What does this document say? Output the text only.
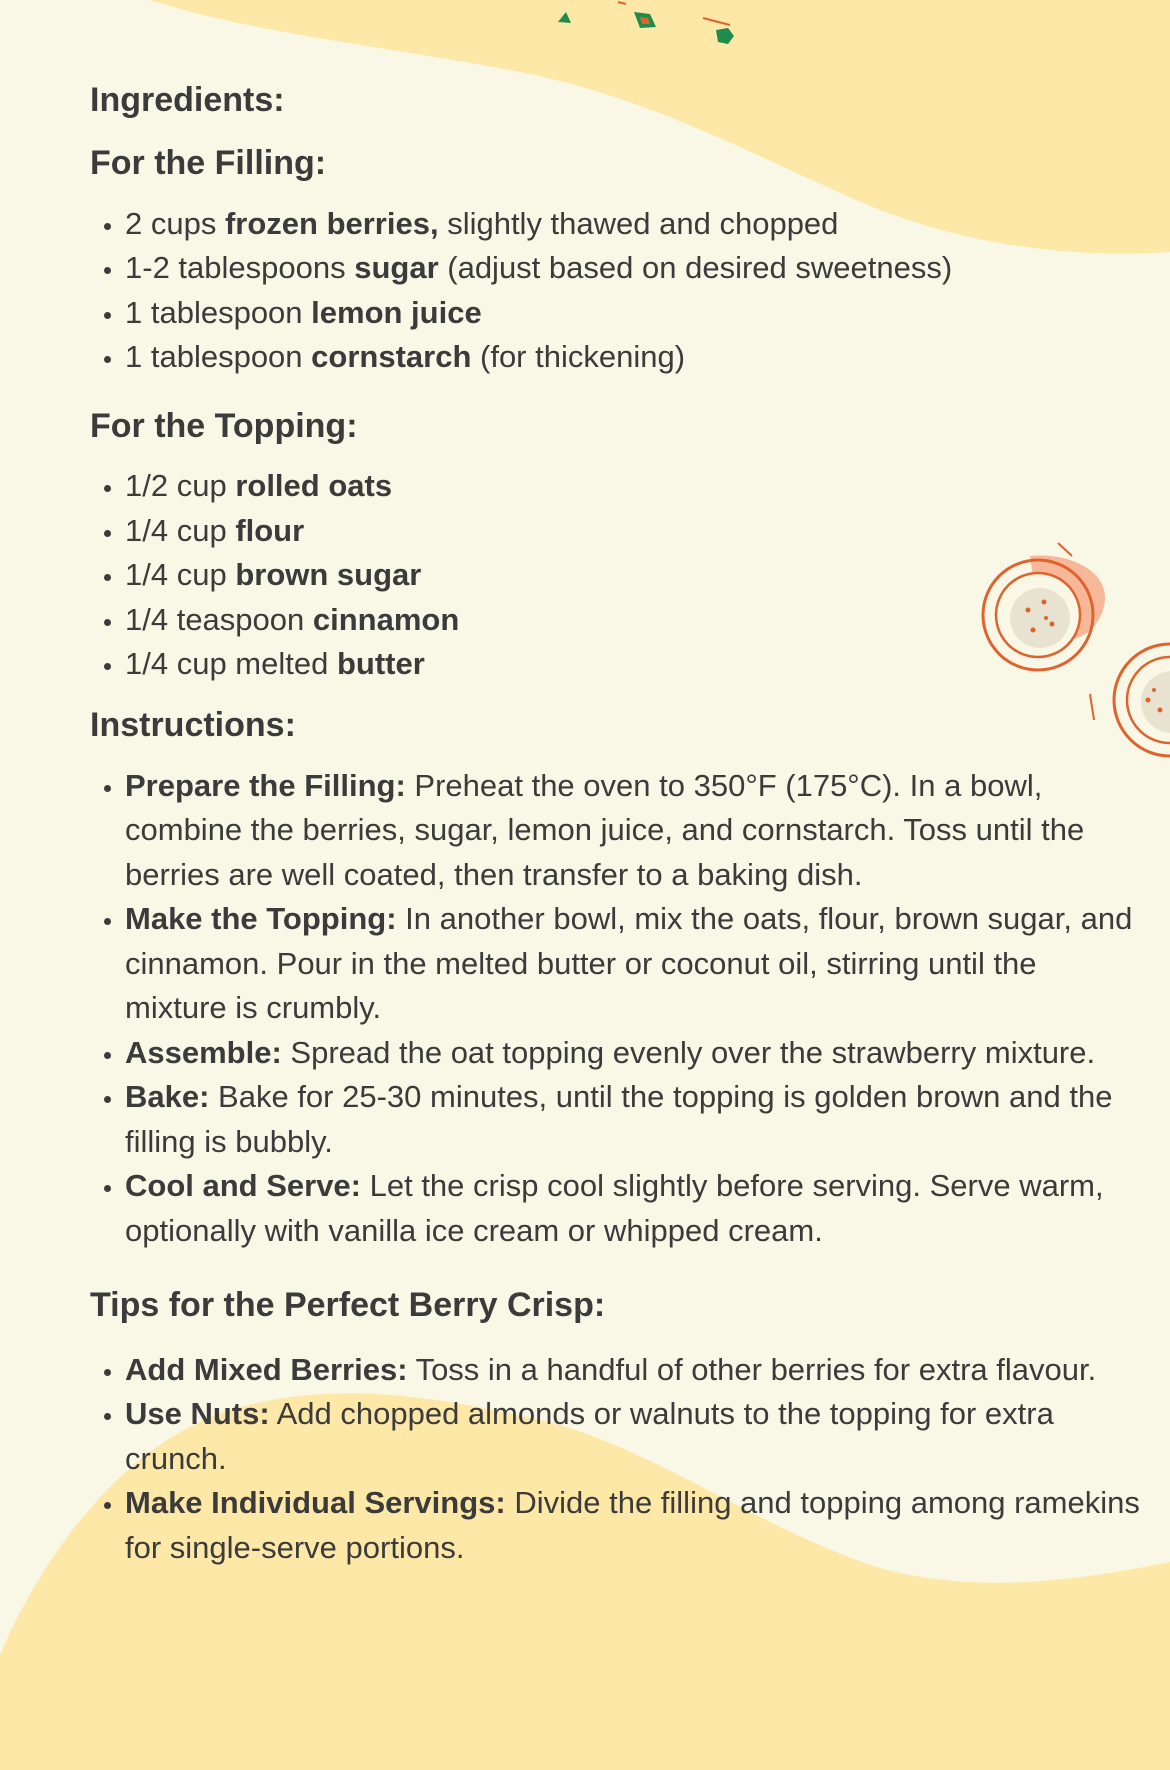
Ingredients:
For the Filling:
• 2 cups frozen berries, slightly thawed and chopped
• 1-2 tablespoons sugar (adjust based on desired sweetness)
• 1 tablespoon lemon juice
• 1 tablespoon cornstarch (for thickening)
For the Topping:
• 1/2 cup rolled oats
• 1/4 cup flour
• 1/4 cup brown sugar
• 1/4 teaspoon cinnamon
• 1/4 cup melted butter
Instructions:
• Prepare the Filling: Preheat the oven to 350°F (175°C). In a bowl, combine the berries, sugar, lemon juice, and cornstarch. Toss until the berries are well coated, then transfer to a baking dish.
• Make the Topping: In another bowl, mix the oats, flour, brown sugar, and cinnamon. Pour in the melted butter or coconut oil, stirring until the mixture is crumbly.
• Assemble: Spread the oat topping evenly over the strawberry mixture.
• Bake: Bake for 25-30 minutes, until the topping is golden brown and the filling is bubbly.
• Cool and Serve: Let the crisp cool slightly before serving. Serve warm, optionally with vanilla ice cream or whipped cream.
Tips for the Perfect Berry Crisp:
• Add Mixed Berries: Toss in a handful of other berries for extra flavour.
• Use Nuts: Add chopped almonds or walnuts to the topping for extra crunch.
• Make Individual Servings: Divide the filling and topping among ramekins for single-serve portions.
